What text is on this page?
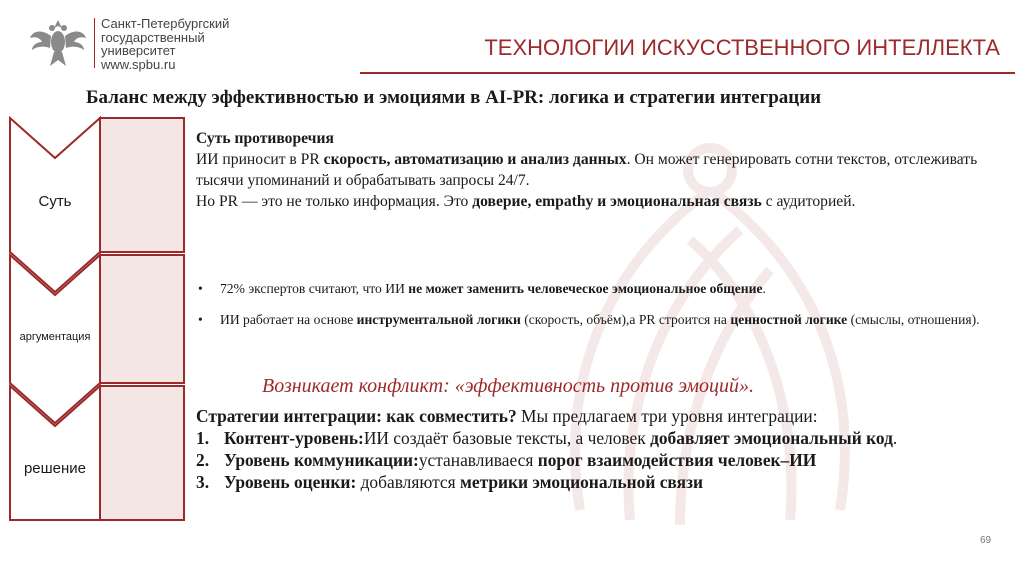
Санкт-Петербургский
государственный
университет
www.spbu.ru
ТЕХНОЛОГИИ ИСКУССТВЕННОГО ИНТЕЛЛЕКТА
Баланс между эффективностью и эмоциями в AI-PR: логика и стратегии интеграции
Суть
аргументация
решение
Суть противоречия
ИИ приносит в PR скорость, автоматизацию и анализ данных. Он может генерировать сотни текстов, отслеживать тысячи упоминаний и обрабатывать запросы 24/7.
Но PR — это не только информация. Это доверие, empathy и эмоциональная связь с аудиторией.
• 72% экспертов считают, что ИИ не может заменить человеческое эмоциональное общение.
• ИИ работает на основе инструментальной логики (скорость, объём),а PR строится на ценностной логике (смыслы, отношения).
Возникает конфликт: «эффективность против эмоций».
Стратегии интеграции: как совместить? Мы предлагаем три уровня интеграции:
1. Контент-уровень:ИИ создаёт базовые тексты, а человек добавляет эмоциональный код.
2. Уровень коммуникации:устанавливаеся порог взаимодействия человек–ИИ
3. Уровень оценки: добавляются метрики эмоциональной связи
69
